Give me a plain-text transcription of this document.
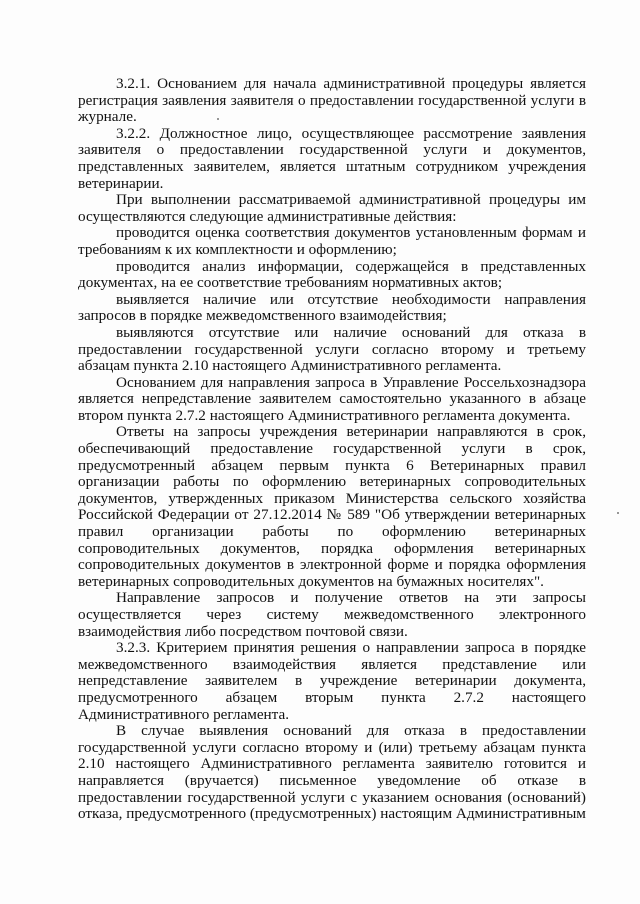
3.2.1. Основанием для начала административной процедуры является регистрация заявления заявителя о предоставлении государственной услуги в журнале.

3.2.2. Должностное лицо, осуществляющее рассмотрение заявления заявителя о предоставлении государственной услуги и документов, представленных заявителем, является штатным сотрудником учреждения ветеринарии.

При выполнении рассматриваемой административной процедуры им осуществляются следующие административные действия:

проводится оценка соответствия документов установленным формам и требованиям к их комплектности и оформлению;

проводится анализ информации, содержащейся в представленных документах, на ее соответствие требованиям нормативных актов;

выявляется наличие или отсутствие необходимости направления запросов в порядке межведомственного взаимодействия;

выявляются отсутствие или наличие оснований для отказа в предоставлении государственной услуги согласно второму и третьему абзацам пункта 2.10 настоящего Административного регламента.

Основанием для направления запроса в Управление Россельхознадзора является непредставление заявителем самостоятельно указанного в абзаце втором пункта 2.7.2 настоящего Административного регламента документа.

Ответы на запросы учреждения ветеринарии направляются в срок, обеспечивающий предоставление государственной услуги в срок, предусмотренный абзацем первым пункта 6 Ветеринарных правил организации работы по оформлению ветеринарных сопроводительных документов, утвержденных приказом Министерства сельского хозяйства Российской Федерации от 27.12.2014 № 589 "Об утверждении ветеринарных правил организации работы по оформлению ветеринарных сопроводительных документов, порядка оформления ветеринарных сопроводительных документов в электронной форме и порядка оформления ветеринарных сопроводительных документов на бумажных носителях".

Направление запросов и получение ответов на эти запросы осуществляется через систему межведомственного электронного взаимодействия либо посредством почтовой связи.

3.2.3. Критерием принятия решения о направлении запроса в порядке межведомственного взаимодействия является представление или непредставление заявителем в учреждение ветеринарии документа, предусмотренного абзацем вторым пункта 2.7.2 настоящего Административного регламента.

В случае выявления оснований для отказа в предоставлении государственной услуги согласно второму и (или) третьему абзацам пункта 2.10 настоящего Административного регламента заявителю готовится и направляется (вручается) письменное уведомление об отказе в предоставлении государственной услуги с указанием основания (оснований) отказа, предусмотренного (предусмотренных) настоящим Административным
